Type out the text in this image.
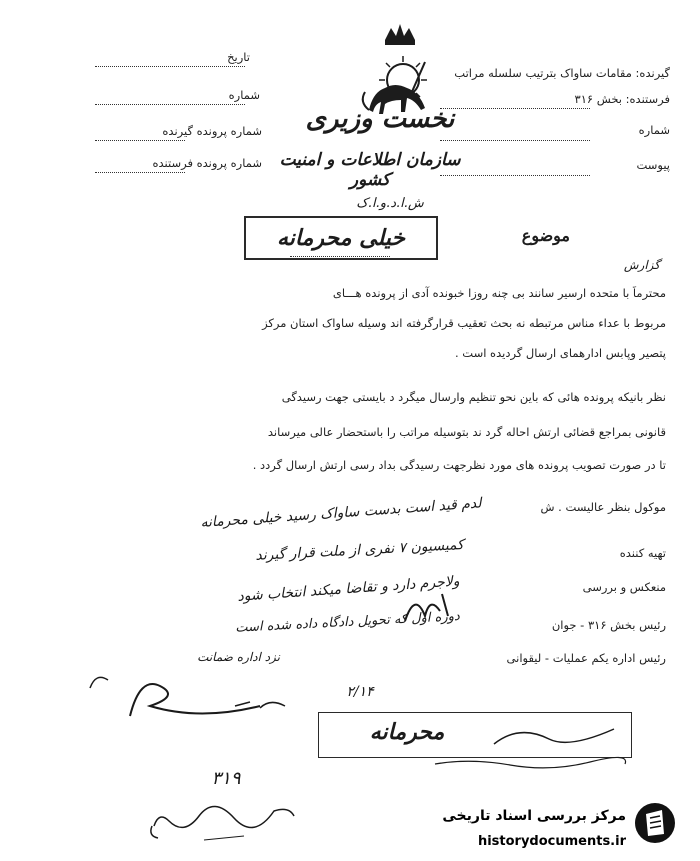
تاریخ
شماره
شماره پرونده گیرنده
شماره پرونده فرستنده
نخست وزیری
سازمان اطلاعات و امنیت کشور
گیرنده: مقامات ساواک بترتیب سلسله مراتب
فرستنده: بخش ۳۱۶
شماره
پیوست
ش.ا.د.و.ا.ک
خیلی محرمانه	موضوع
گزارش
محترماً با متحده ارسیر سانند بی چنه روزا خبونده آدی از پرونده هـــای
مربوط با عداء مناس مرتبطه نه بحث تعقیب قرارگرفته اند وسیله ساواک استان مرکز
پتصیر وپابس ادارهمای ارسال گردیده است .
نظر بانیکه پرونده هائی که باین نحو تنظیم وارسال میگرد د بایستی جهت رسیدگی
قانونی بمراجع قضائی ارتش احاله گرد ند بتوسیله مراتب را باستحضار عالی میرساند
تا در صورت تصویب پرونده های مورد نظرجهت رسیدگی بداد رسی ارتش ارسال گردد .
موکول بنظر عالیست . ش
لدم قید است بدست ساواک رسید خیلی محرمانه
کمیسیون ۷ نفری از ملت قرار گیرند
ولاجرم دارد و تقاضا میکند انتخاب شود
دوره اول که تحویل دادگاه داده شده است
نزد اداره ضمانت
تهیه کننده
منعکس و بررسی
رئیس بخش ۳۱۶ - جوان
رئیس اداره یکم عملیات - لیقوانی
۲/۱۴
محرمانه
۳۱۹
مرکز بررسی اسناد تاریخی
historydocuments.ir
